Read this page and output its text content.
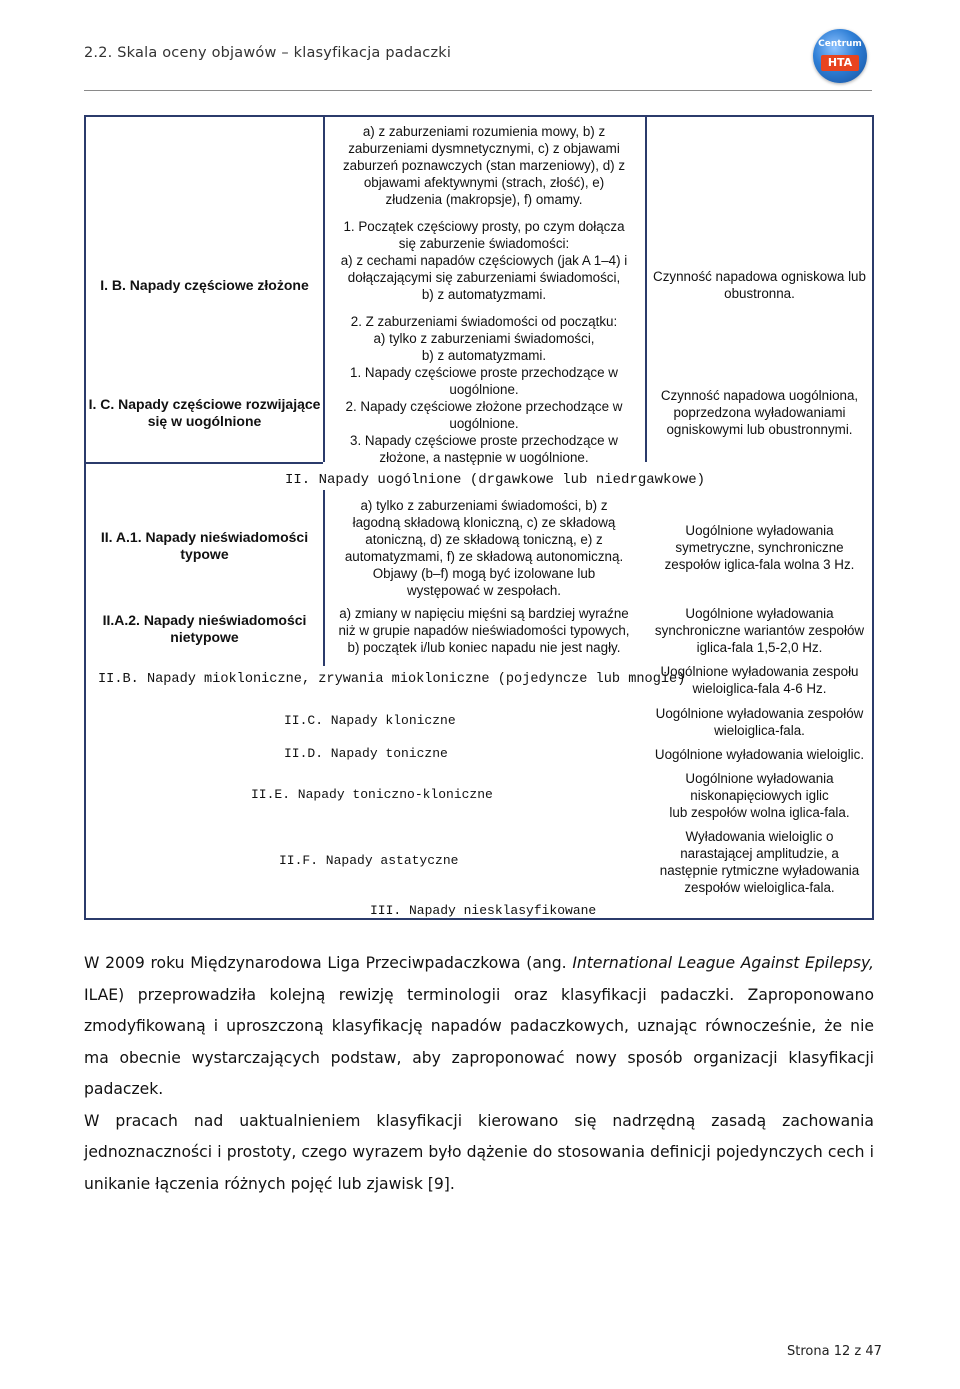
2.2. Skala oceny objawów – klasyfikacja padaczki
Centrum
HTA
I. B. Napady częściowe złożone

a) z zaburzeniami rozumienia mowy, b) z

zaburzeniami dysmnetycznymi, c) z objawami

zaburzeń poznawczych (stan marzeniowy), d) z

objawami afektywnymi (strach, złość), e)

złudzenia (makropsje), f) omamy.

1. Początek częściowy prosty, po czym dołącza

się zaburzenie świadomości:

a) z cechami napadów częściowych (jak A 1–4) i

dołączającymi się zaburzeniami świadomości,

b) z automatyzmami.

2. Z zaburzeniami świadomości od początku:

a) tylko z zaburzeniami świadomości,

b) z automatyzmami.

Czynność napadowa ogniskowa lub obustronna.
I. C. Napady częściowe rozwijające się w uogólnione

1. Napady częściowe proste przechodzące w

uogólnione.

2. Napady częściowe złożone przechodzące w

uogólnione.

3. Napady częściowe proste przechodzące w

złożone, a następnie w uogólnione.

Czynność napadowa uogólniona, poprzedzona wyładowaniami ogniskowymi lub obustronnymi.
II. Napady uogólnione (drgawkowe lub niedrgawkowe)
II. A.1. Napady nieświadomości typowe

a) tylko z zaburzeniami świadomości, b) z

łagodną składową kloniczną, c) ze składową

atoniczną, d) ze składową toniczną, e) z

automatyzmami, f) ze składową autonomiczną.

Objawy (b–f) mogą być izolowane lub

występować w zespołach.

Uogólnione wyładowania

symetryczne, synchroniczne

zespołów iglica-fala wolna 3 Hz.

II.A.2. Napady nieświadomości nietypowe

a) zmiany w napięciu mięśni są bardziej wyraźne

niż w grupie napadów nieświadomości typowych,

b) początek i/lub koniec napadu nie jest nagły.

Uogólnione wyładowania

synchroniczne wariantów zespołów

iglica-fala 1,5-2,0 Hz.

II.B. Napady miokloniczne, zrywania miokloniczne (pojedyncze lub mnogie)

Uogólnione wyładowania zespołu

wieloiglica-fala 4-6 Hz.

II.C. Napady kloniczne	Uogólnione wyładowania zespołów

wieloiglica-fala.

II.D. Napady toniczne	Uogólnione wyładowania wieloiglic.
II.E. Napady toniczno-kloniczne

Uogólnione wyładowania

niskonapięciowych iglic

lub zespołów wolna iglica-fala.

II.F. Napady astatyczne

Wyładowania wieloiglic o

narastającej amplitudzie, a

następnie rytmiczne wyładowania

zespołów wieloiglica-fala.

III. Napady niesklasyfikowane

W 2009 roku Międzynarodowa Liga Przeciwpadaczkowa (ang. International League Against Epilepsy, ILAE) przeprowadziła kolejną rewizję terminologii oraz klasyfikacji padaczki. Zaproponowano zmodyfikowaną i uproszczoną klasyfikację napadów padaczkowych, uznając równocześnie, że nie ma obecnie wystarczających podstaw, aby zaproponować nowy sposób organizacji klasyfikacji padaczek.

W pracach nad uaktualnieniem klasyfikacji kierowano się nadrzędną zasadą zachowania jednoznaczności i prostoty, czego wyrazem było dążenie do stosowania definicji pojedynczych cech i unikanie łączenia różnych pojęć lub zjawisk [9].

Strona 12 z 47
